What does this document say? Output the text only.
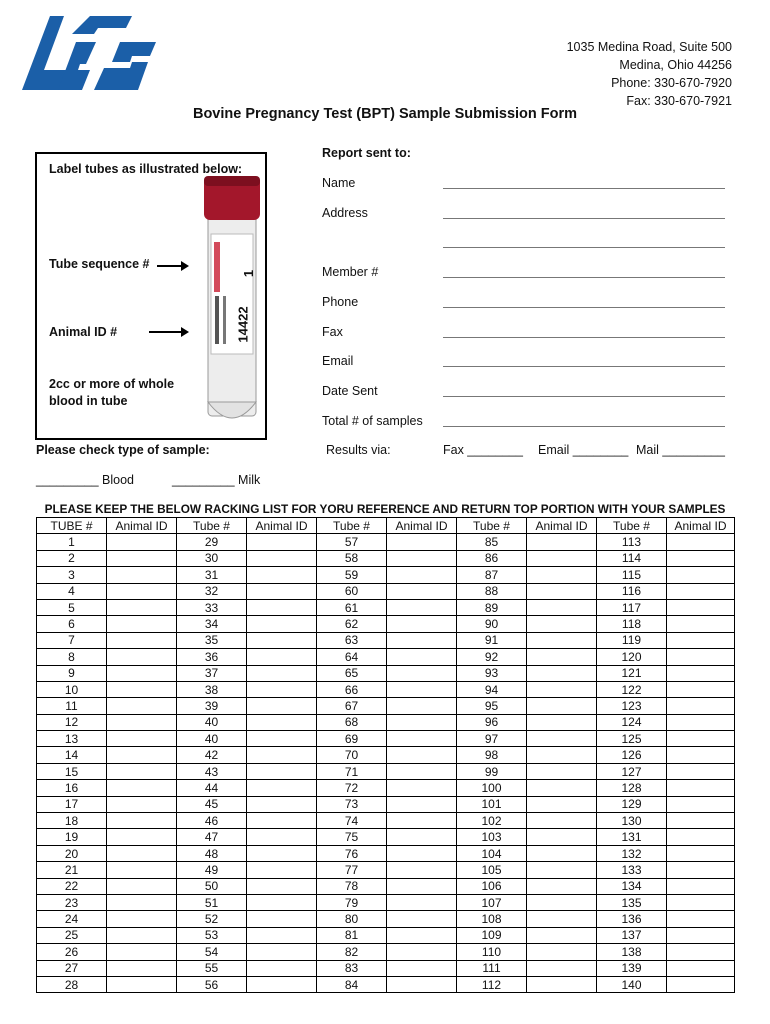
1035 Medina Road, Suite 500
Medina, Ohio 44256
Phone: 330-670-7920
Fax: 330-670-7921
Bovine Pregnancy Test (BPT) Sample Submission Form
Label tubes as illustrated below:
Tube sequence #
Animal ID #
2cc or more of whole blood in tube
1
14422
Report sent to:
Name
Address
Member #
Phone
Fax
Email
Date Sent
Total # of samples
Please check type of sample:	Results via:	Fax ________ Email ________ Mail _________
_________ Blood	_________ Milk
PLEASE KEEP THE BELOW RACKING LIST FOR YORU REFERENCE AND RETURN TOP PORTION WITH YOUR SAMPLES
TUBE #	Animal ID	Tube #	Animal ID	Tube #	Animal ID	Tube #	Animal ID	Tube #	Animal ID
1		29		57		85		113	
2		30		58		86		114	
3		31		59		87		115	
4		32		60		88		116	
5		33		61		89		117	
6		34		62		90		118	
7		35		63		91		119	
8		36		64		92		120	
9		37		65		93		121	
10		38		66		94		122	
11		39		67		95		123	
12		40		68		96		124	
13		40		69		97		125	
14		42		70		98		126	
15		43		71		99		127	
16		44		72		100		128	
17		45		73		101		129	
18		46		74		102		130	
19		47		75		103		131	
20		48		76		104		132	
21		49		77		105		133	
22		50		78		106		134	
23		51		79		107		135	
24		52		80		108		136	
25		53		81		109		137	
26		54		82		110		138	
27		55		83		111		139	
28		56		84		112		140	
